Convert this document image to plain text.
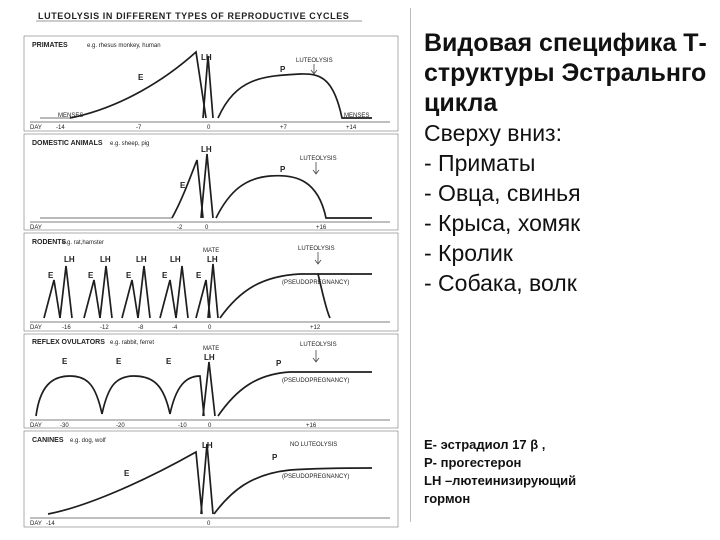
LUTEOLYSIS IN DIFFERENT TYPES OF REPRODUCTIVE CYCLES
PRIMATES	e.g. rhesus monkey, human
E
LH
P
LUTEOLYSIS
MENSES	MENSES
DAY -14	-7	0	+7	+14
DOMESTIC ANIMALS e.g. sheep, pig
E
LH
P
LUTEOLYSIS
DAY	-2	0	+16
RODENTS
e.g. rat,hamster
LH	LH	LH	LH	LH
E	E	E	E	E
MATE	LUTEOLYSIS
(PSEUDOPREGNANCY)
DAY	-16	-12	-8	-4	0	+12
REFLEX OVULATORS e.g. rabbit, ferret
E	E	E	LH
P
MATE
LUTEOLYSIS
(PSEUDOPREGNANCY)
DAY	-30	-20	-10	0	+16
CANINES e.g. dog, wolf
E
LH
P
NO LUTEOLYSIS
(PSEUDOPREGNANCY)
DAY -14	0

Видовая специфика Т-структуры Эстральнго цикла

Сверху вниз:

- Приматы
- Овца, свинья
- Крыса, хомяк
- Кролик
- Собака, волк
E- эстрадиол 17 β ,
P- прогестерон
LH –лютеинизирующий
гормон
